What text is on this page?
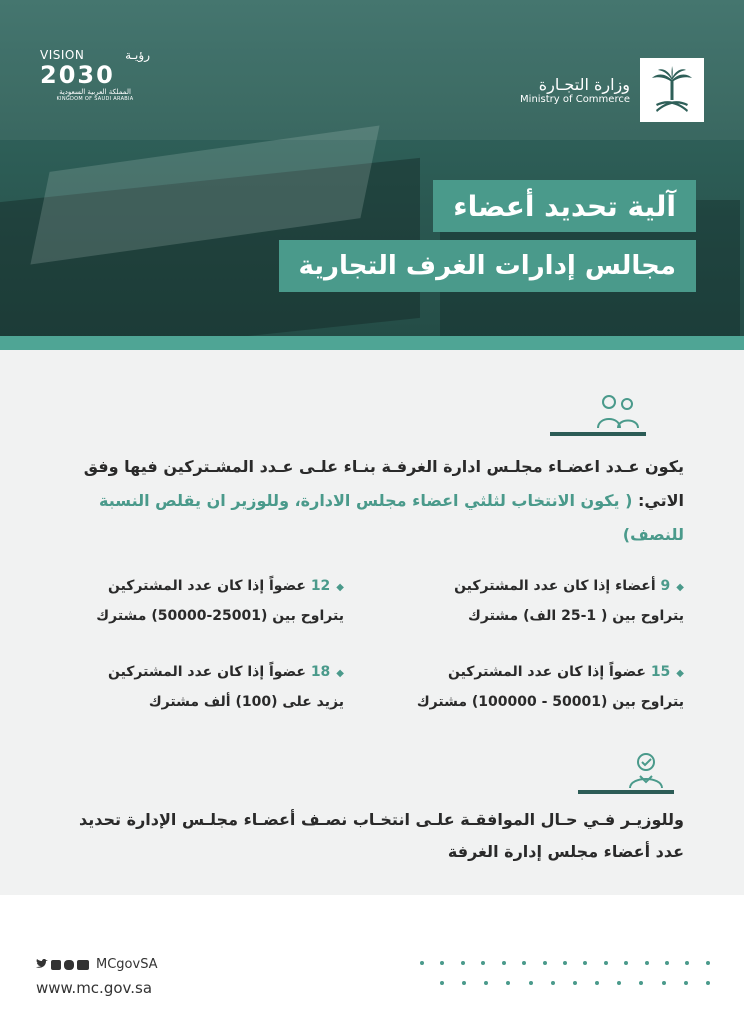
VISION	رؤيـة
2030
المملكة العربية السعودية
KINGDOM OF SAUDI ARABIA
وزارة التجـارة
Ministry of Commerce
آلية تحديد أعضاء
مجالس إدارات الغرف التجارية
يكون عـدد اعضـاء مجلـس ادارة الغرفـة بنـاء علـى عـدد المشـتركين فيها وفق الاتي: ( يكون الانتخاب لثلثي اعضاء مجلس الادارة، وللوزير ان يقلص النسبة للنصف)
◆9 أعضاء إذا كان عدد المشتركين
يتراوح بين ( 1-25 الف) مشترك
◆12 عضواً إذا كان عدد المشتركين
يتراوح بين (25001-50000) مشترك
◆15 عضواً إذا كان عدد المشتركين
يتراوح بين (50001 - 100000) مشترك
◆18 عضواً إذا كان عدد المشتركين
يزيد على (100) ألف مشترك
وللوزيـر فـي حـال الموافقـة علـى انتخـاب نصـف أعضـاء مجلـس الإدارة تحديد عدد أعضاء مجلس إدارة الغرفة
MCgovSA
www.mc.gov.sa
